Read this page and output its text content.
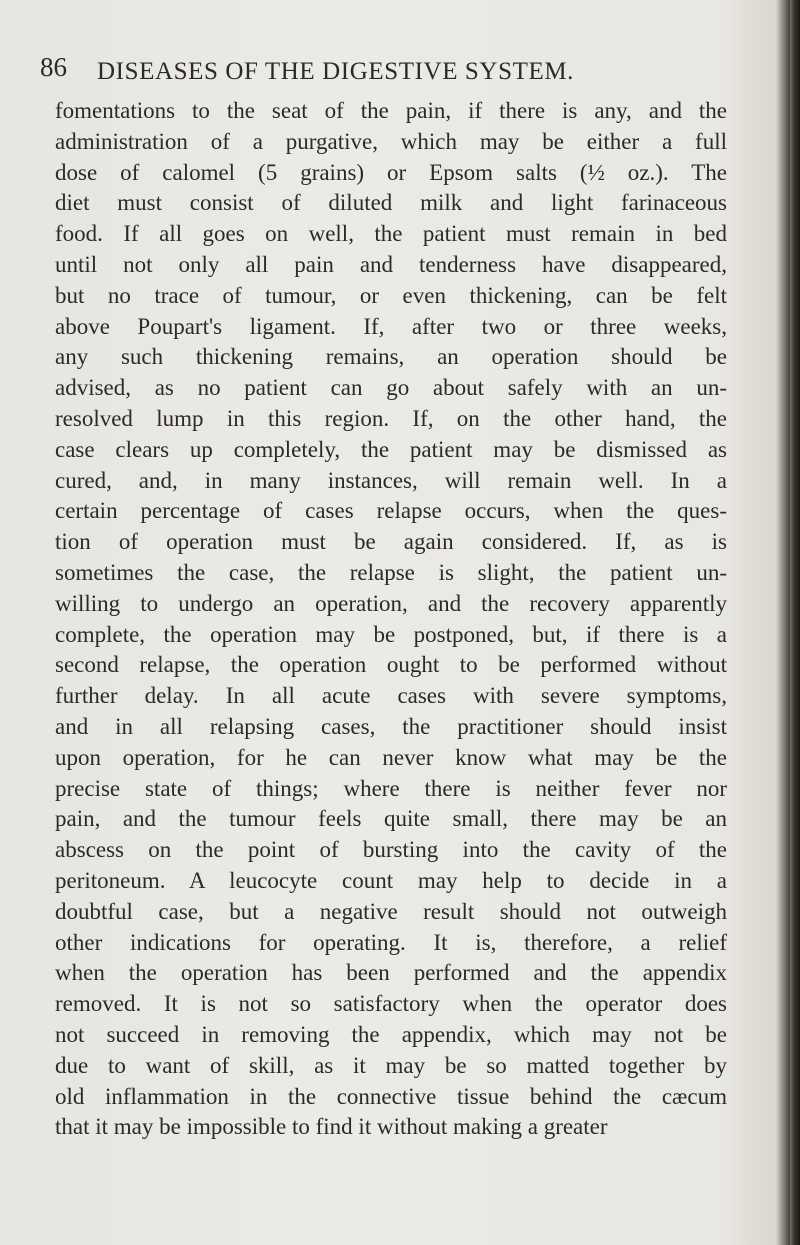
86 DISEASES OF THE DIGESTIVE SYSTEM.
fomentations to the seat of the pain, if there is any, and the
administration of a purgative, which may be either a full
dose of calomel (5 grains) or Epsom salts (½ oz.). The
diet must consist of diluted milk and light farinaceous
food. If all goes on well, the patient must remain in bed
until not only all pain and tenderness have disappeared,
but no trace of tumour, or even thickening, can be felt
above Poupart's ligament. If, after two or three weeks,
any such thickening remains, an operation should be
advised, as no patient can go about safely with an un-
resolved lump in this region. If, on the other hand, the
case clears up completely, the patient may be dismissed as
cured, and, in many instances, will remain well. In a
certain percentage of cases relapse occurs, when the ques-
tion of operation must be again considered. If, as is
sometimes the case, the relapse is slight, the patient un-
willing to undergo an operation, and the recovery apparently
complete, the operation may be postponed, but, if there is a
second relapse, the operation ought to be performed without
further delay. In all acute cases with severe symptoms,
and in all relapsing cases, the practitioner should insist
upon operation, for he can never know what may be the
precise state of things; where there is neither fever nor
pain, and the tumour feels quite small, there may be an
abscess on the point of bursting into the cavity of the
peritoneum. A leucocyte count may help to decide in a
doubtful case, but a negative result should not outweigh
other indications for operating. It is, therefore, a relief
when the operation has been performed and the appendix
removed. It is not so satisfactory when the operator does
not succeed in removing the appendix, which may not be
due to want of skill, as it may be so matted together by
old inflammation in the connective tissue behind the cæcum
that it may be impossible to find it without making a greater
